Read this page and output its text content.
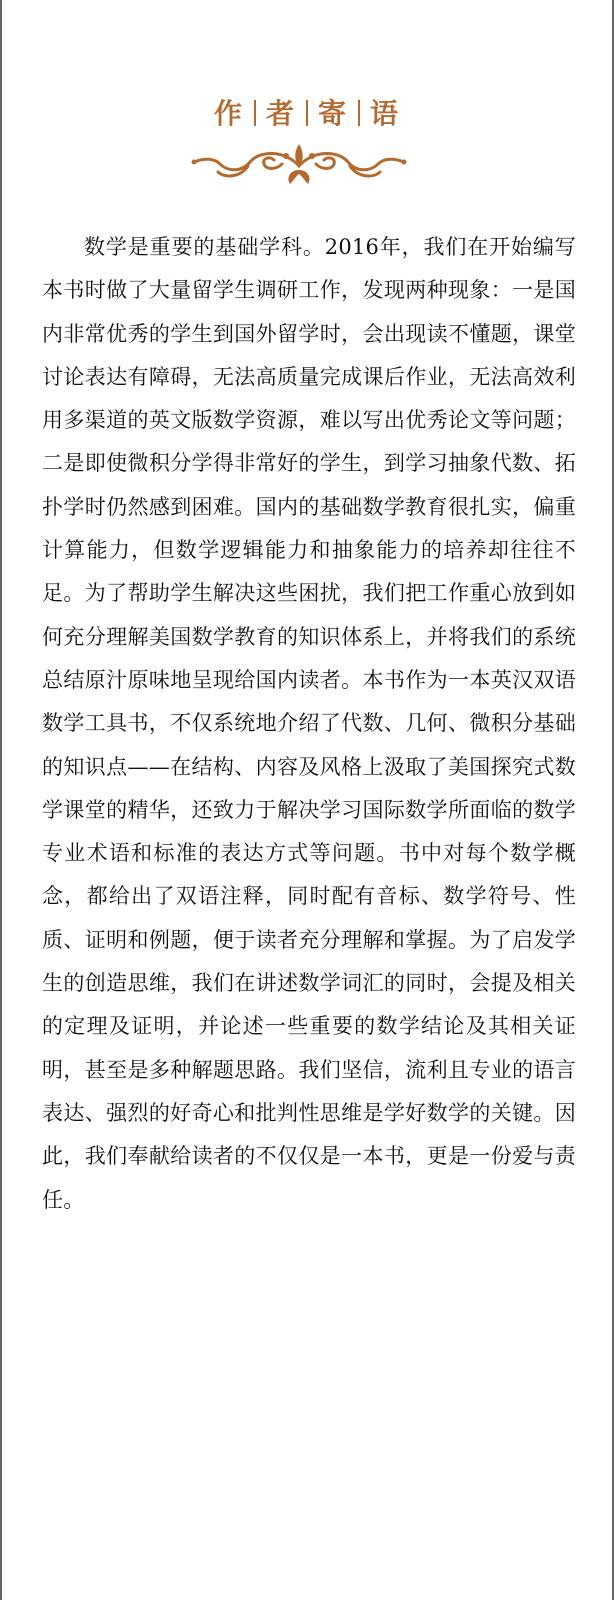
作 者 寄 语
数学是重要的基础学科。2016年，我们在开始编写本书时做了大量留学生调研工作，发现两种现象：一是国内非常优秀的学生到国外留学时，会出现读不懂题，课堂讨论表达有障碍，无法高质量完成课后作业，无法高效利用多渠道的英文版数学资源，难以写出优秀论文等问题；二是即使微积分学得非常好的学生，到学习抽象代数、拓扑学时仍然感到困难。国内的基础数学教育很扎实，偏重计算能力，但数学逻辑能力和抽象能力的培养却往往不足。为了帮助学生解决这些困扰，我们把工作重心放到如何充分理解美国数学教育的知识体系上，并将我们的系统总结原汁原味地呈现给国内读者。本书作为一本英汉双语数学工具书，不仅系统地介绍了代数、几何、微积分基础的知识点——在结构、内容及风格上汲取了美国探究式数学课堂的精华，还致力于解决学习国际数学所面临的数学专业术语和标准的表达方式等问题。书中对每个数学概念，都给出了双语注释，同时配有音标、数学符号、性质、证明和例题，便于读者充分理解和掌握。为了启发学生的创造思维，我们在讲述数学词汇的同时，会提及相关的定理及证明，并论述一些重要的数学结论及其相关证明，甚至是多种解题思路。我们坚信，流利且专业的语言表达、强烈的好奇心和批判性思维是学好数学的关键。因此，我们奉献给读者的不仅仅是一本书，更是一份爱与责任。
